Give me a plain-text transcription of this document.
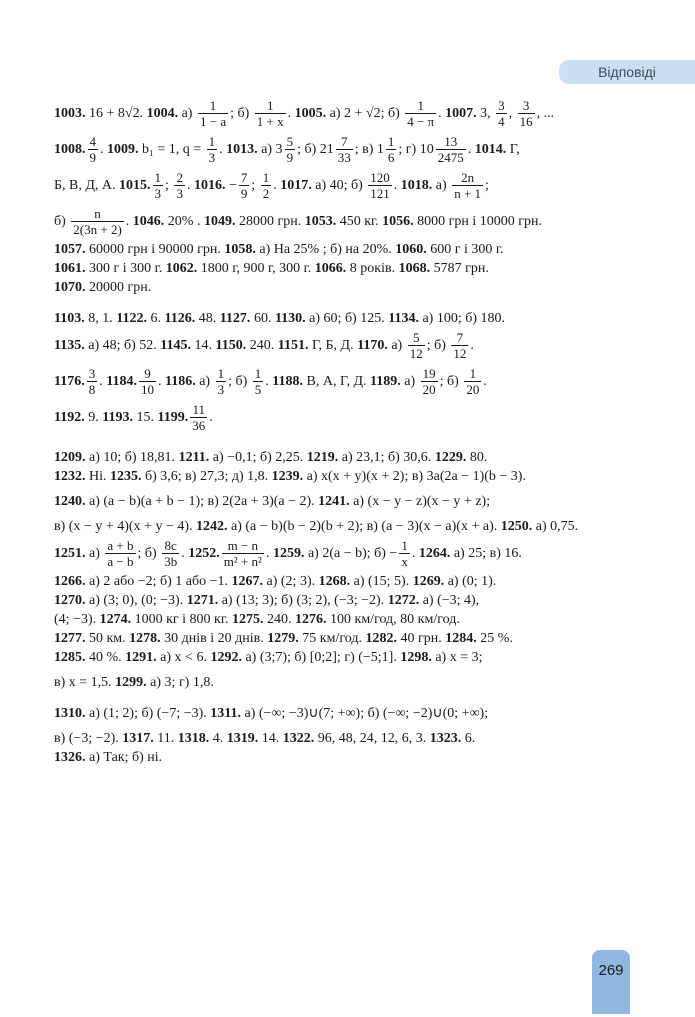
Відповіді
1003. 16 + 8√2. 1004. $а) \frac{1}{1 - a}$ ; $б) \frac{1}{1 + x}$ . 1005. а) 2 + √2; $б) \frac{1}{4 - \pi}$ . 1007. 3, $\frac{3}{4}$ , $\frac{3}{16}$ , ...
1008. $\frac{4}{9}$ . 1009. b₁ = 1, $q = \frac{1}{3}$ . 1013. а) $3 \frac{5}{9}$ ; б) $21 \frac{7}{33}$ ; в) $1 \frac{1}{6}$ ; г) $10 \frac{13}{2475}$ . 1014. Г,
Б, В, Д, А. 1015. $\frac{1}{3}$ ; $\frac{2}{3}$ . 1016. − $\frac{7}{9}$ ; $\frac{1}{2}$ . 1017. а) 40; $б) \frac{120}{121}$ . 1018. $а) \frac{2n}{n + 1}$ ;
$б) \frac{n}{2(3n + 2)}$ . 1046. 20% . 1049. 28000 грн. 1053. 450 кг. 1056. 8000 грн і 10000 грн.
1057. 60000 грн і 90000 грн. 1058. а) На 25% ; б) на 20%. 1060. 600 г і 300 г.
1061. 300 г і 300 г. 1062. 1800 г, 900 г, 300 г. 1066. 8 років. 1068. 5787 грн.
1070. 20000 грн.
1103. 8, 1. 1122. 6. 1126. 48. 1127. 60. 1130. а) 60; б) 125. 1134. а) 100; б) 180.
1135. а) 48; б) 52. 1145. 14. 1150. 240. 1151. Г, Б, Д. 1170. $а) \frac{5}{12}$ ; $б) \frac{7}{12}$ .
1176. $\frac{3}{8}$ . 1184. $\frac{9}{10}$ . 1186. $а) \frac{1}{3}$ ; $б) \frac{1}{5}$ . 1188. В, А, Г, Д. 1189. $а) \frac{19}{20}$ ; $б) \frac{1}{20}$ .
1192. 9. 1193. 15. 1199. $\frac{11}{36}$ .
1209. а) 10; б) 18,81. 1211. а) −0,1; б) 2,25. 1219. а) 23,1; б) 30,6. 1229. 80.
1232. Ні. 1235. б) 3,6; в) 27,3; д) 1,8. 1239. а) x(x + y)(x + 2); в) 3a(2a − 1)(b − 3).
1240. а) (a − b)(a + b − 1); в) 2(2a + 3)(a − 2). 1241. а) (x − y − z)(x − y + z);
в) (x − y + 4)(x + y − 4). 1242. а) (a − b)(b − 2)(b + 2); в) (a − 3)(x − a)(x + a). 1250. а) 0,75.
1251. $а) \frac{a + b}{a - b}$ ; $б) \frac{8c}{3b}$ . 1252. $\frac{m - n}{\text{m² + n²}}$ . 1259. а) 2(a − b); $б) - \frac{1}{x}$ . 1264. а) 25; в) 16.
1266. а) 2 або −2; б) 1 або −1. 1267. а) (2; 3). 1268. а) (15; 5). 1269. а) (0; 1).
1270. а) (3; 0), (0; −3). 1271. а) (13; 3); б) (3; 2), (−3; −2). 1272. а) (−3; 4),
(4; −3). 1274. 1000 кг і 800 кг. 1275. 240. 1276. 100 км/год, 80 км/год.
1277. 50 км. 1278. 30 днів і 20 днів. 1279. 75 км/год. 1282. 40 грн. 1284. 25 %.
1285. 40 %. 1291. а) x < 6. 1292. а) (3;7); б) [0;2]; г) (−5;1]. 1298. а) x = 3;
в) x = 1,5. 1299. а) 3; г) 1,8.
1310. а) (1; 2); б) (−7; −3). 1311. а) (−∞; −3)∪(7; +∞); б) (−∞; −2)∪(0; +∞);
в) (−3; −2). 1317. 11. 1318. 4. 1319. 14. 1322. 96, 48, 24, 12, 6, 3. 1323. 6.
1326. а) Так; б) ні.
269
